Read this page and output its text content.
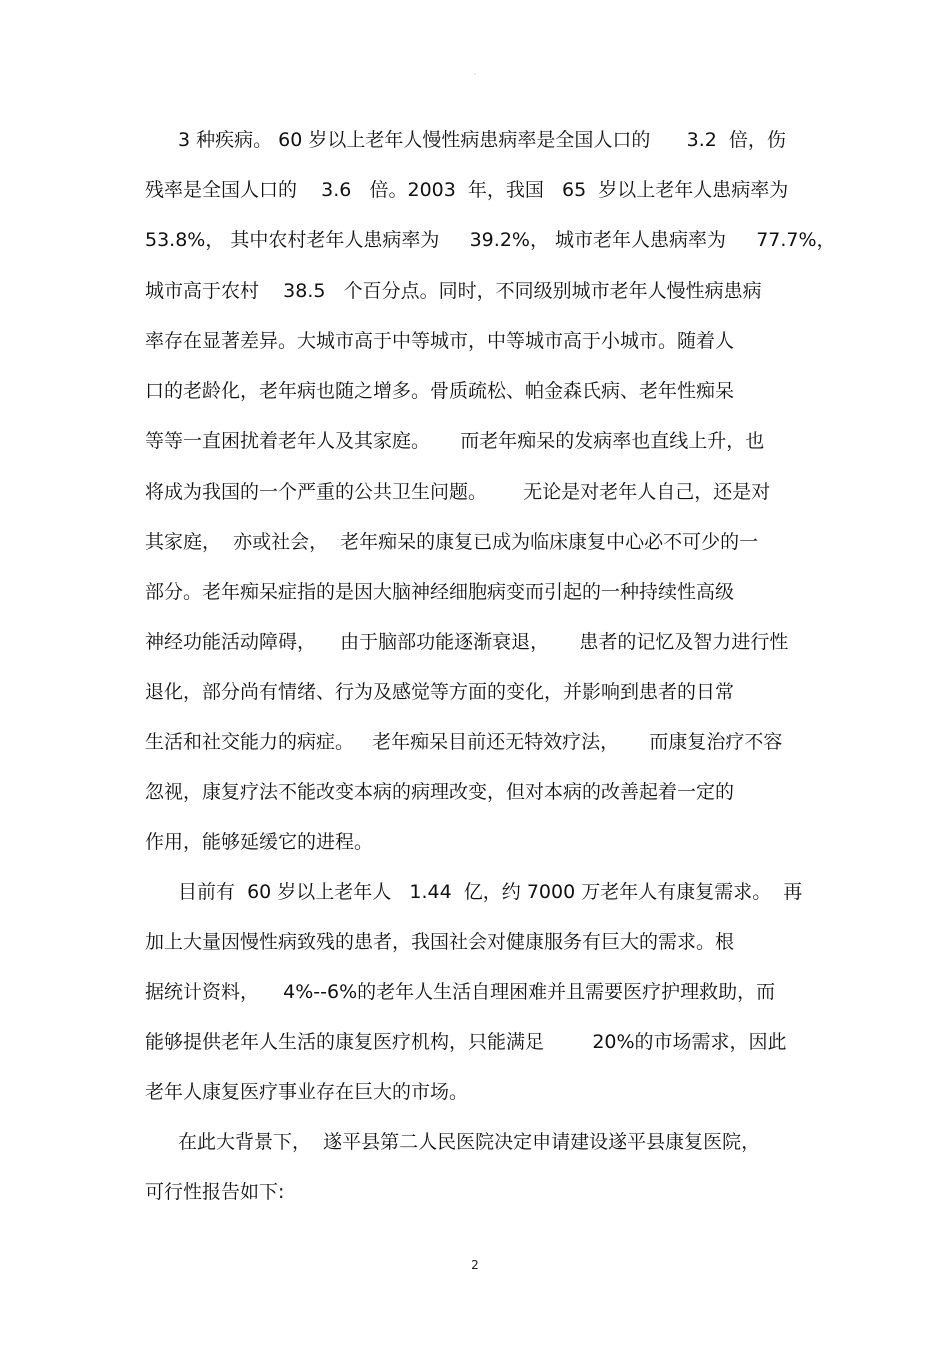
·
3 种疾病。 60 岁以上老年人慢性病患病率是全国人口的      3.2  倍，伤
残率是全国人口的    3.6   倍。2003  年，我国   65  岁以上老年人患病率为
53.8%， 其中农村老年人患病率为     39.2%， 城市老年人患病率为     77.7%，
城市高于农村    38.5   个百分点。同时，不同级别城市老年人慢性病患病
率存在显著差异。大城市高于中等城市，中等城市高于小城市。随着人
口的老龄化，老年病也随之增多。骨质疏松、帕金森氏病、老年性痴呆
等等一直困扰着老年人及其家庭。     而老年痴呆的发病率也直线上升，也
将成为我国的一个严重的公共卫生问题。      无论是对老年人自己，还是对
其家庭，  亦或社会，  老年痴呆的康复已成为临床康复中心必不可少的一
部分。老年痴呆症指的是因大脑神经细胞病变而引起的一种持续性高级
神经功能活动障碍，    由于脑部功能逐渐衰退，     患者的记忆及智力进行性
退化，部分尚有情绪、行为及感觉等方面的变化，并影响到患者的日常
生活和社交能力的病症。   老年痴呆目前还无特效疗法，     而康复治疗不容
忽视，康复疗法不能改变本病的病理改变，但对本病的改善起着一定的
作用，能够延缓它的进程。
目前有  60 岁以上老年人   1.44  亿，约 7000 万老年人有康复需求。  再
加上大量因慢性病致残的患者，我国社会对健康服务有巨大的需求。根
据统计资料，    4%--6%的老年人生活自理困难并且需要医疗护理救助，而
能够提供老年人生活的康复医疗机构，只能满足        20%的市场需求，因此
老年人康复医疗事业存在巨大的市场。
在此大背景下，  遂平县第二人民医院决定申请建设遂平县康复医院，
可行性报告如下:
2
